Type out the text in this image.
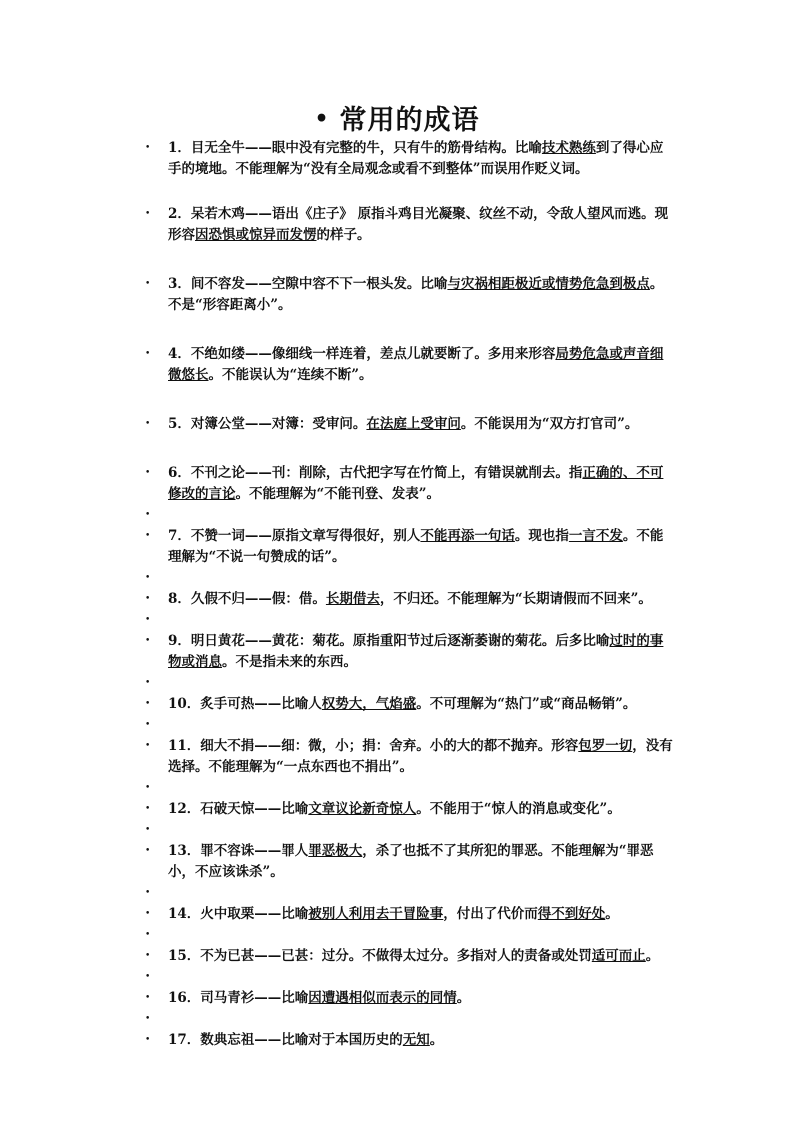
• 常用的成语
• 1．目无全牛——眼中没有完整的牛，只有牛的筋骨结构。比喻技术熟练到了得心应手的境地。不能理解为“没有全局观念或看不到整体”而误用作贬义词。
• 2．呆若木鸡——语出《庄子》 原指斗鸡目光凝聚、纹丝不动，令敌人望风而逃。现形容因恐惧或惊异而发愣的样子。
• 3．间不容发——空隙中容不下一根头发。比喻与灾祸相距极近或情势危急到极点。不是“形容距离小”。
• 4．不绝如缕——像细线一样连着，差点儿就要断了。多用来形容局势危急或声音细微悠长。不能误认为“连续不断”。
• 5．对簿公堂——对簿：受审问。在法庭上受审问。不能误用为“双方打官司”。
• 6．不刊之论——刊：削除，古代把字写在竹简上，有错误就削去。指正确的、不可修改的言论。不能理解为“不能刊登、发表”。
•
• 7．不赞一词——原指文章写得很好，别人不能再添一句话。现也指一言不发。不能理解为“不说一句赞成的话”。
•
• 8．久假不归——假：借。长期借去，不归还。不能理解为“长期请假而不回来”。
•
• 9．明日黄花——黄花：菊花。原指重阳节过后逐渐萎谢的菊花。后多比喻过时的事物或消息。不是指未来的东西。
•
• 10．炙手可热——比喻人权势大，气焰盛。不可理解为“热门”或“商品畅销”。
•
• 11．细大不捐——细：微，小；捐：舍弃。小的大的都不抛弃。形容包罗一切，没有选择。不能理解为“一点东西也不捐出”。
•
• 12．石破天惊——比喻文章议论新奇惊人。不能用于“惊人的消息或变化”。
•
• 13．罪不容诛——罪人罪恶极大，杀了也抵不了其所犯的罪恶。不能理解为“罪恶小，不应该诛杀”。
•
• 14．火中取栗——比喻被别人利用去干冒险事，付出了代价而得不到好处。
•
• 15．不为已甚——已甚：过分。不做得太过分。多指对人的责备或处罚适可而止。
•
• 16．司马青衫——比喻因遭遇相似而表示的同情。
•
• 17．数典忘祖——比喻对于本国历史的无知。
